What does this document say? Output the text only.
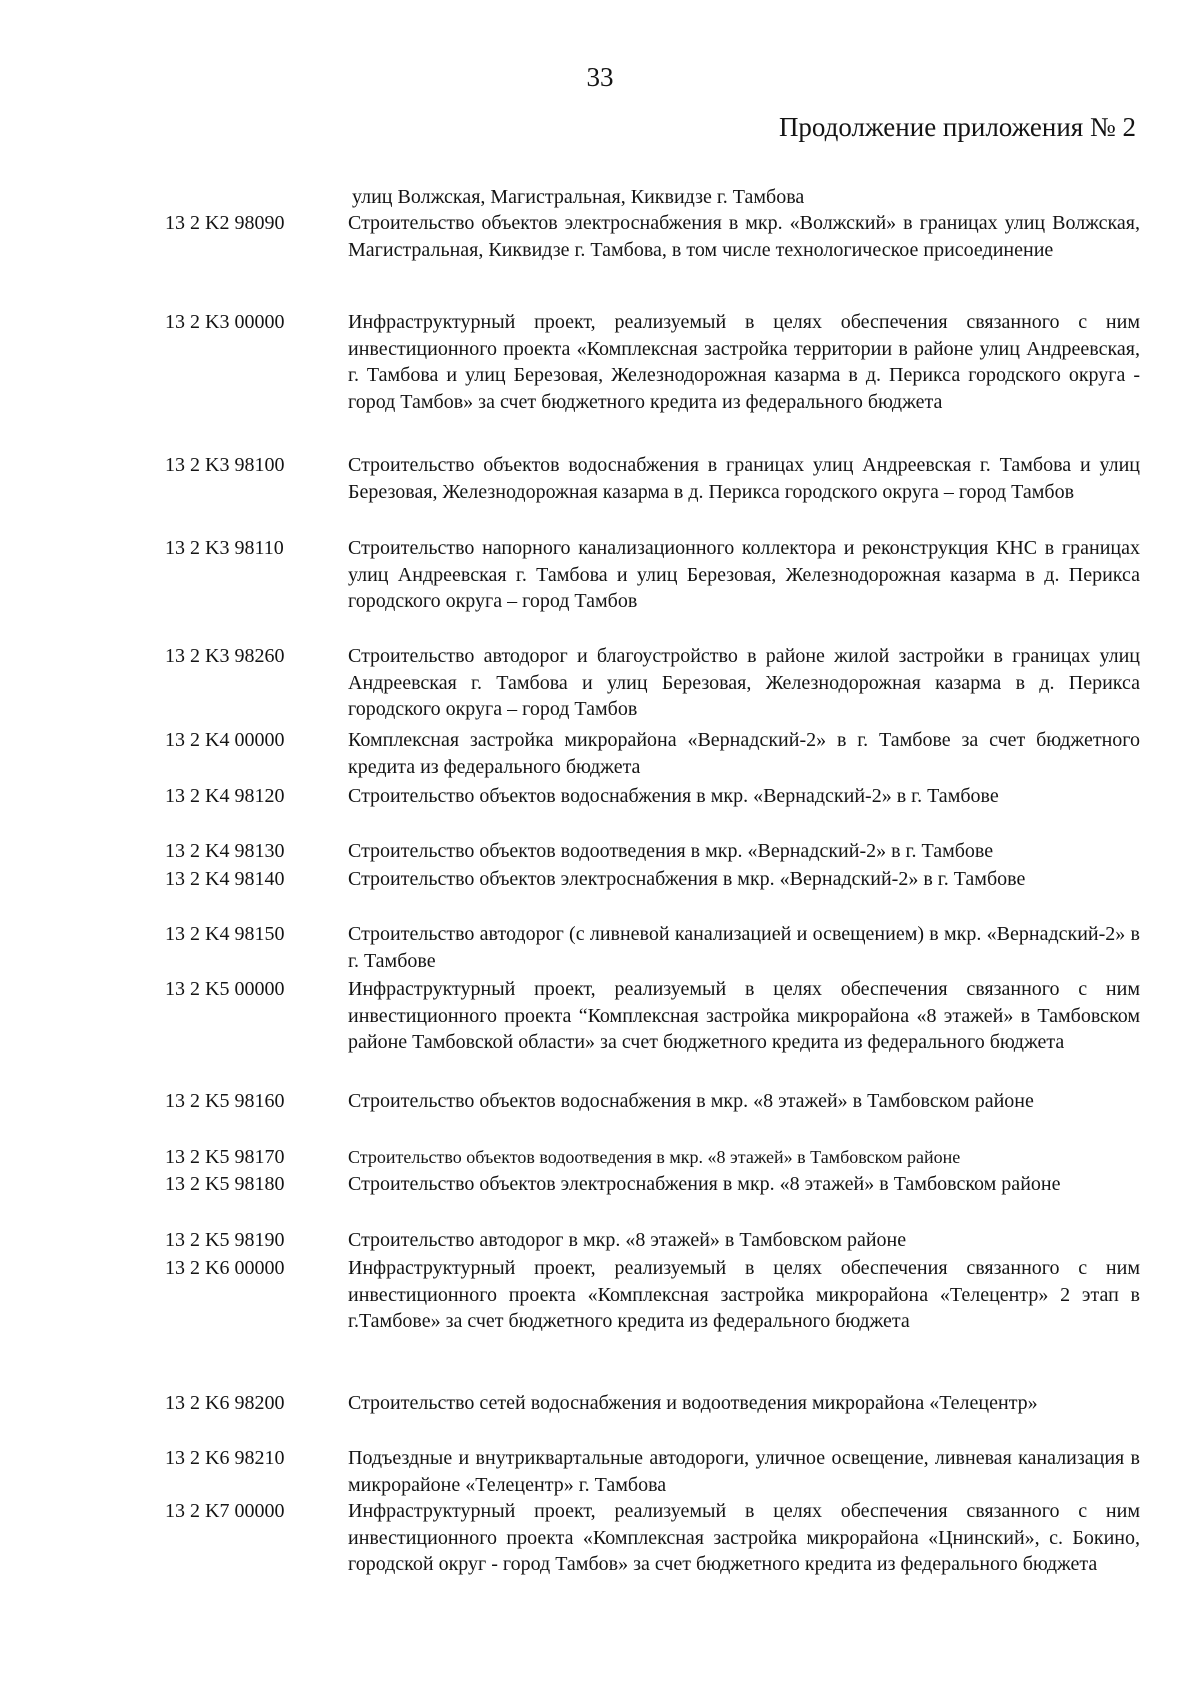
33
Продолжение приложения № 2
улиц Волжская, Магистральная, Киквидзе г. Тамбова
13 2 K2 98090	Строительство объектов электроснабжения в мкр. «Волжский» в границах улиц Волжская, Магистральная, Киквидзе г. Тамбова, в том числе технологическое присоединение
13 2 K3 00000	Инфраструктурный проект, реализуемый в целях обеспечения связанного с ним инвестиционного проекта «Комплексная застройка территории в районе улиц Андреевская, г. Тамбова и улиц Березовая, Железнодорожная казарма в д. Перикса городского округа - город Тамбов» за счет бюджетного кредита из федерального бюджета
13 2 K3 98100	Строительство объектов водоснабжения в границах улиц Андреевская г. Тамбова и улиц Березовая, Железнодорожная казарма в д. Перикса городского округа – город Тамбов
13 2 K3 98110	Строительство напорного канализационного коллектора и реконструкция КНС в границах улиц Андреевская г. Тамбова и улиц Березовая, Железнодорожная казарма в д. Перикса городского округа – город Тамбов
13 2 K3 98260	Строительство автодорог и благоустройство в районе жилой застройки в границах улиц Андреевская г. Тамбова и улиц Березовая, Железнодорожная казарма в д. Перикса городского округа – город Тамбов
13 2 K4 00000	Комплексная застройка микрорайона «Вернадский-2» в г. Тамбове за счет бюджетного кредита из федерального бюджета
13 2 K4 98120	Строительство объектов водоснабжения в мкр. «Вернадский-2» в г. Тамбове
13 2 K4 98130	Строительство объектов водоотведения в мкр. «Вернадский-2» в г. Тамбове
13 2 K4 98140	Строительство объектов электроснабжения в мкр. «Вернадский-2» в г. Тамбове
13 2 K4 98150	Строительство автодорог (с ливневой канализацией и освещением) в мкр. «Вернадский-2» в г. Тамбове
13 2 K5 00000	Инфраструктурный проект, реализуемый в целях обеспечения связанного с ним инвестиционного проекта “Комплексная застройка микрорайона «8 этажей» в Тамбовском районе Тамбовской области» за счет бюджетного кредита из федерального бюджета
13 2 K5 98160	Строительство объектов водоснабжения в мкр. «8 этажей» в Тамбовском районе
13 2 K5 98170	Строительство объектов водоотведения в мкр. «8 этажей» в Тамбовском районе
13 2 K5 98180	Строительство объектов электроснабжения в мкр. «8 этажей» в Тамбовском районе
13 2 K5 98190	Строительство автодорог в мкр. «8 этажей» в Тамбовском районе
13 2 K6 00000	Инфраструктурный проект, реализуемый в целях обеспечения связанного с ним инвестиционного проекта «Комплексная застройка микрорайона «Телецентр» 2 этап в г.Тамбове» за счет бюджетного кредита из федерального бюджета
13 2 K6 98200	Строительство сетей водоснабжения и водоотведения микрорайона «Телецентр»
13 2 K6 98210	Подъездные и внутриквартальные автодороги, уличное освещение, ливневая канализация в микрорайоне «Телецентр» г. Тамбова
13 2 K7 00000	Инфраструктурный проект, реализуемый в целях обеспечения связанного с ним инвестиционного проекта «Комплексная застройка микрорайона «Цнинский», с. Бокино, городской округ - город Тамбов» за счет бюджетного кредита из федерального бюджета
